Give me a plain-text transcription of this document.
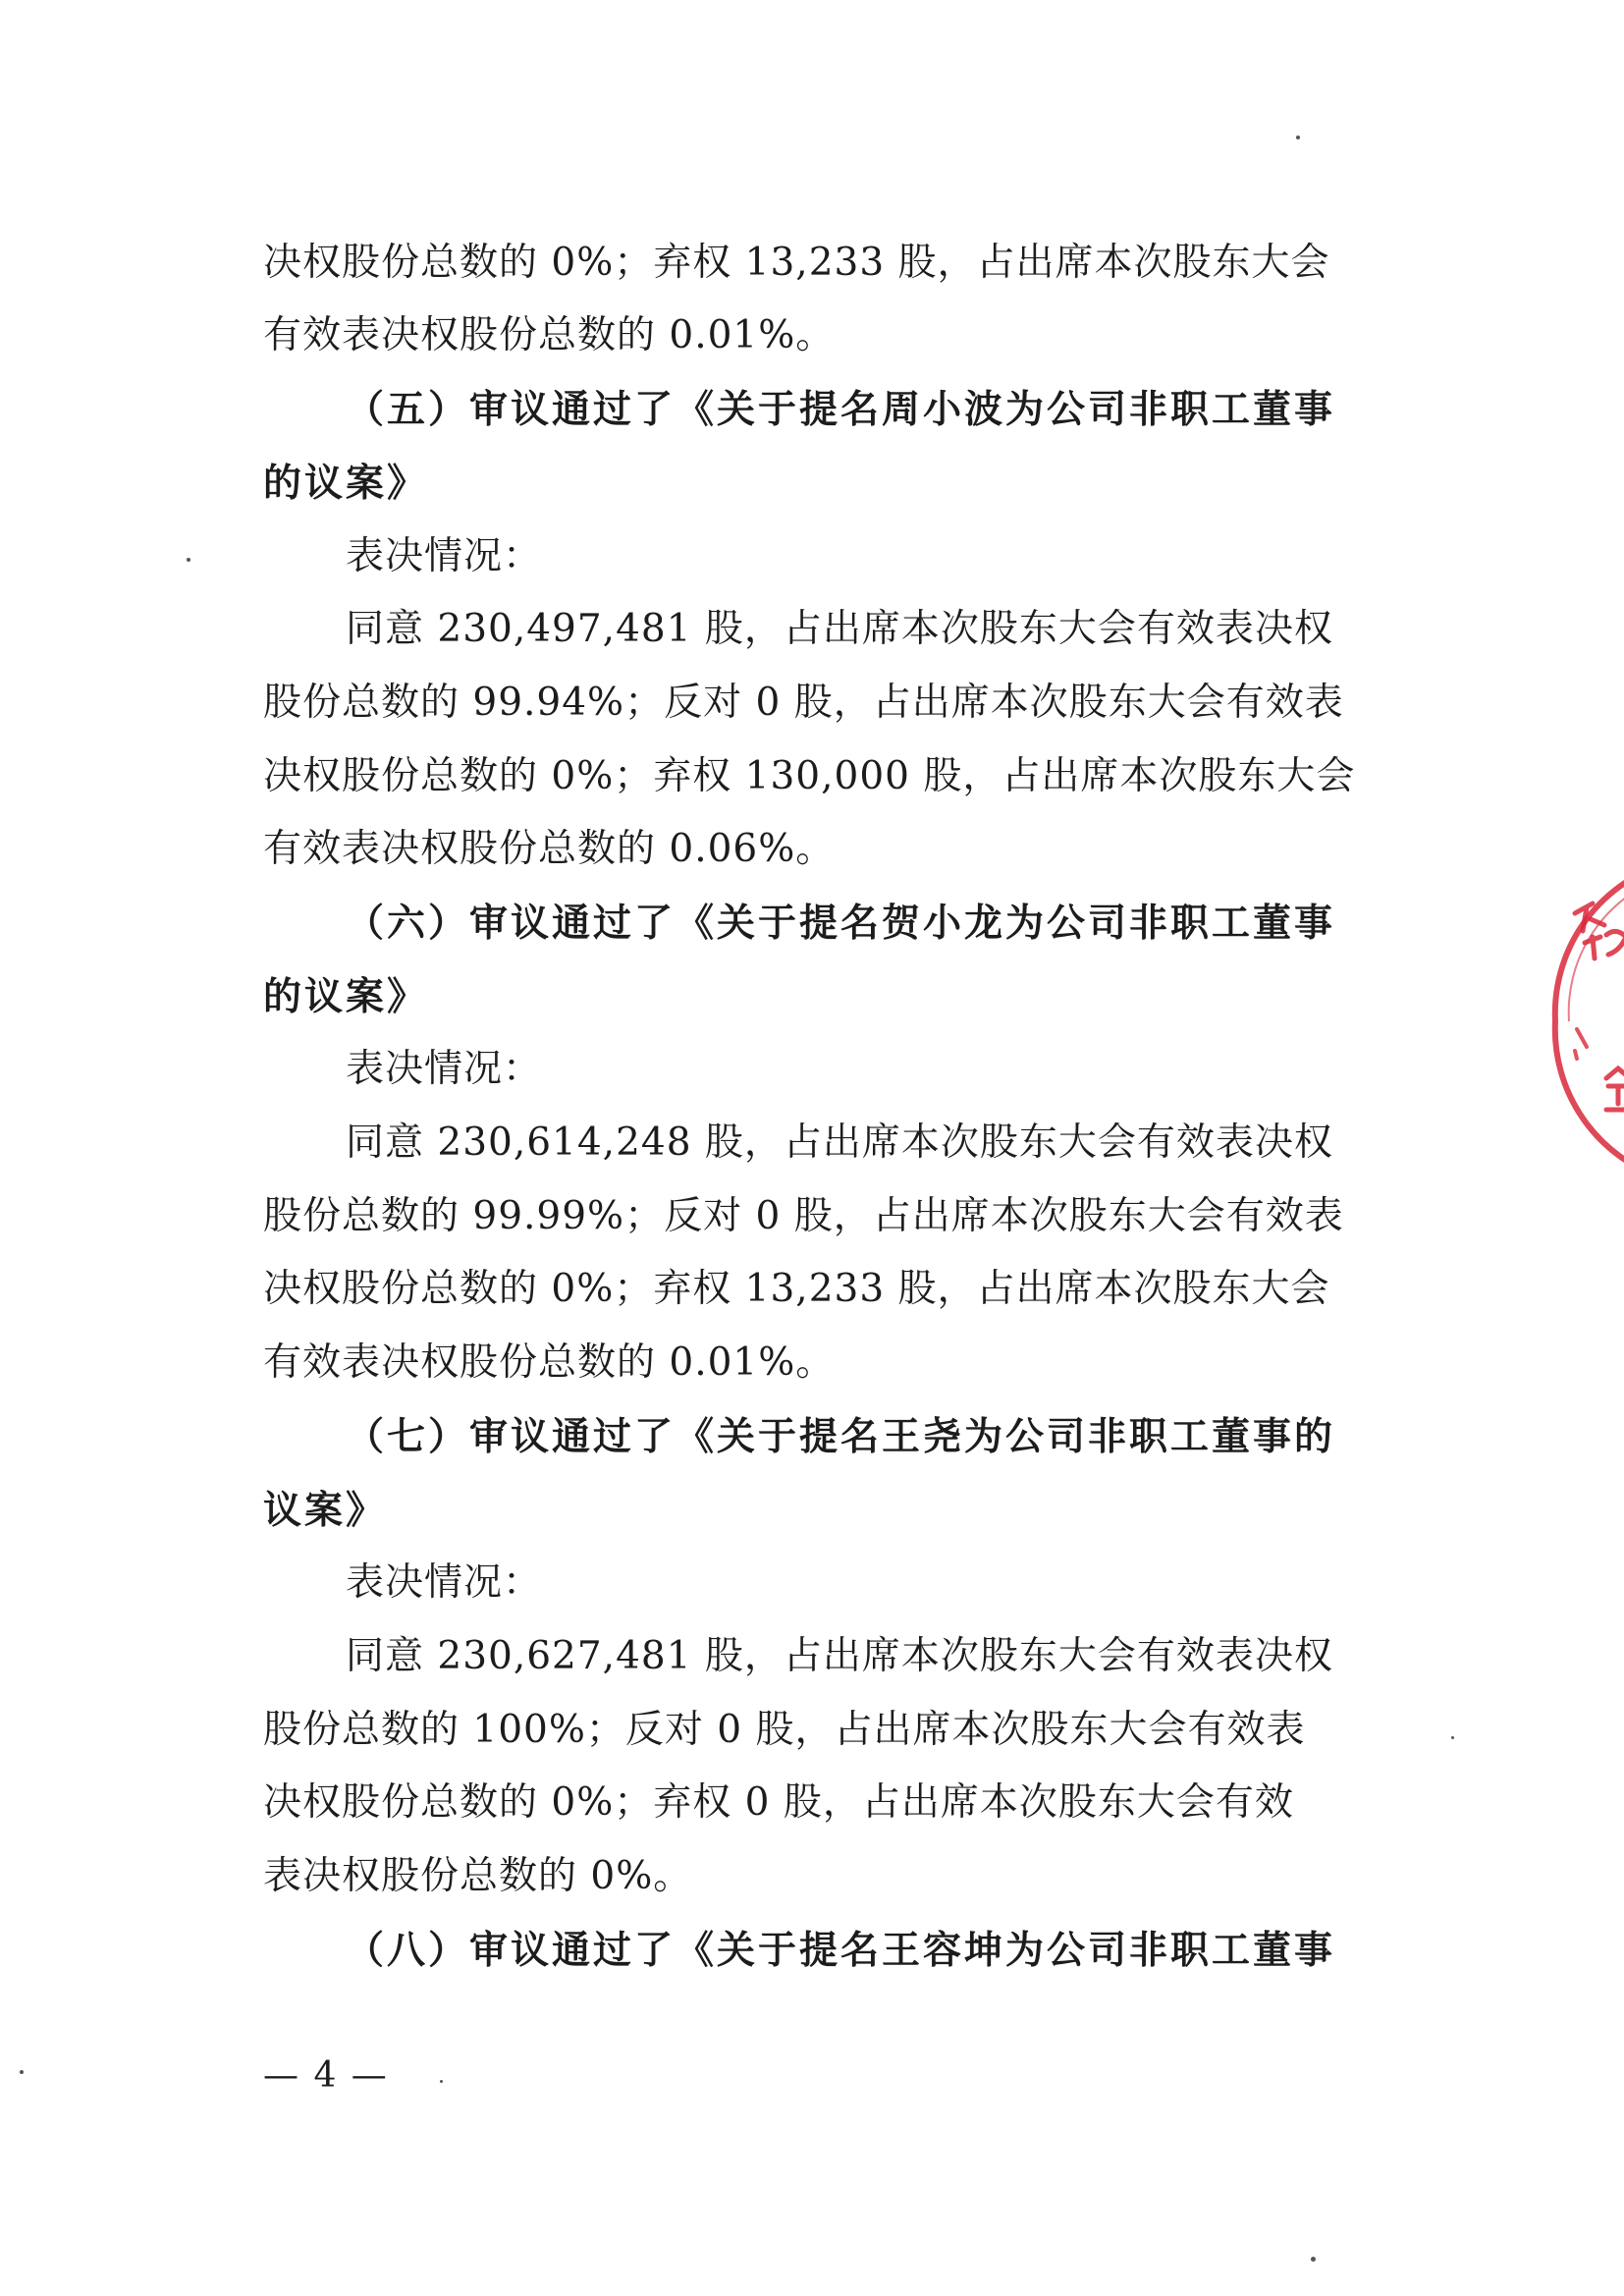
决权股份总数的 0%；弃权 13,233 股，占出席本次股东大会
有效表决权股份总数的 0.01%。
（五）审议通过了《关于提名周小波为公司非职工董事
的议案》
表决情况：
同意 230,497,481 股，占出席本次股东大会有效表决权
股份总数的 99.94%；反对 0 股，占出席本次股东大会有效表
决权股份总数的 0%；弃权 130,000 股，占出席本次股东大会
有效表决权股份总数的 0.06%。
（六）审议通过了《关于提名贺小龙为公司非职工董事
的议案》
表决情况：
同意 230,614,248 股，占出席本次股东大会有效表决权
股份总数的 99.99%；反对 0 股，占出席本次股东大会有效表
决权股份总数的 0%；弃权 13,233 股，占出席本次股东大会
有效表决权股份总数的 0.01%。
（七）审议通过了《关于提名王尧为公司非职工董事的
议案》
表决情况：
同意 230,627,481 股，占出席本次股东大会有效表决权
股份总数的 100%；反对 0 股，占出席本次股东大会有效表
决权股份总数的 0%；弃权 0 股，占出席本次股东大会有效
表决权股份总数的 0%。
（八）审议通过了《关于提名王容坤为公司非职工董事
— 4 —
